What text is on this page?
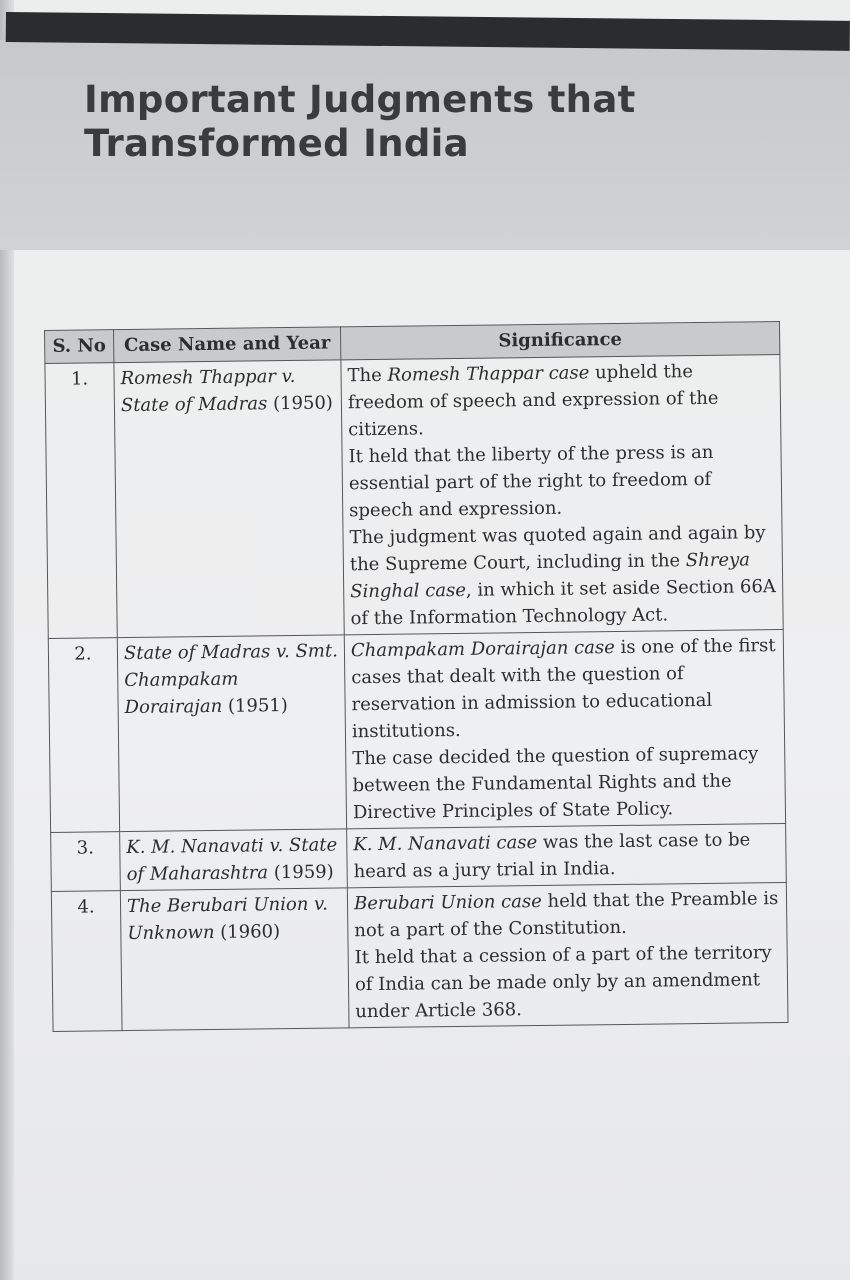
Important Judgments that
Transformed India
S. No	Case Name and Year	Significance
1.	Romesh Thappar v. State of Madras (1950)	The Romesh Thappar case upheld the freedom of speech and expression of the citizens.
It held that the liberty of the press is an essential part of the right to freedom of speech and expression.
The judgment was quoted again and again by the Supreme Court, including in the Shreya Singhal case, in which it set aside Section 66A of the Information Technology Act.

2.	State of Madras v. Smt. Champakam Dorairajan (1951)	Champakam Dorairajan case is one of the first cases that dealt with the question of reservation in admission to educational institutions.
The case decided the question of supremacy between the Fundamental Rights and the Directive Principles of State Policy.

3.	K. M. Nanavati v. State of Maharashtra (1959)	K. M. Nanavati case was the last case to be heard as a jury trial in India.

4.	The Berubari Union v. Unknown (1960)	Berubari Union case held that the Preamble is not a part of the Constitution.
It held that a cession of a part of the territory of India can be made only by an amendment under Article 368.
